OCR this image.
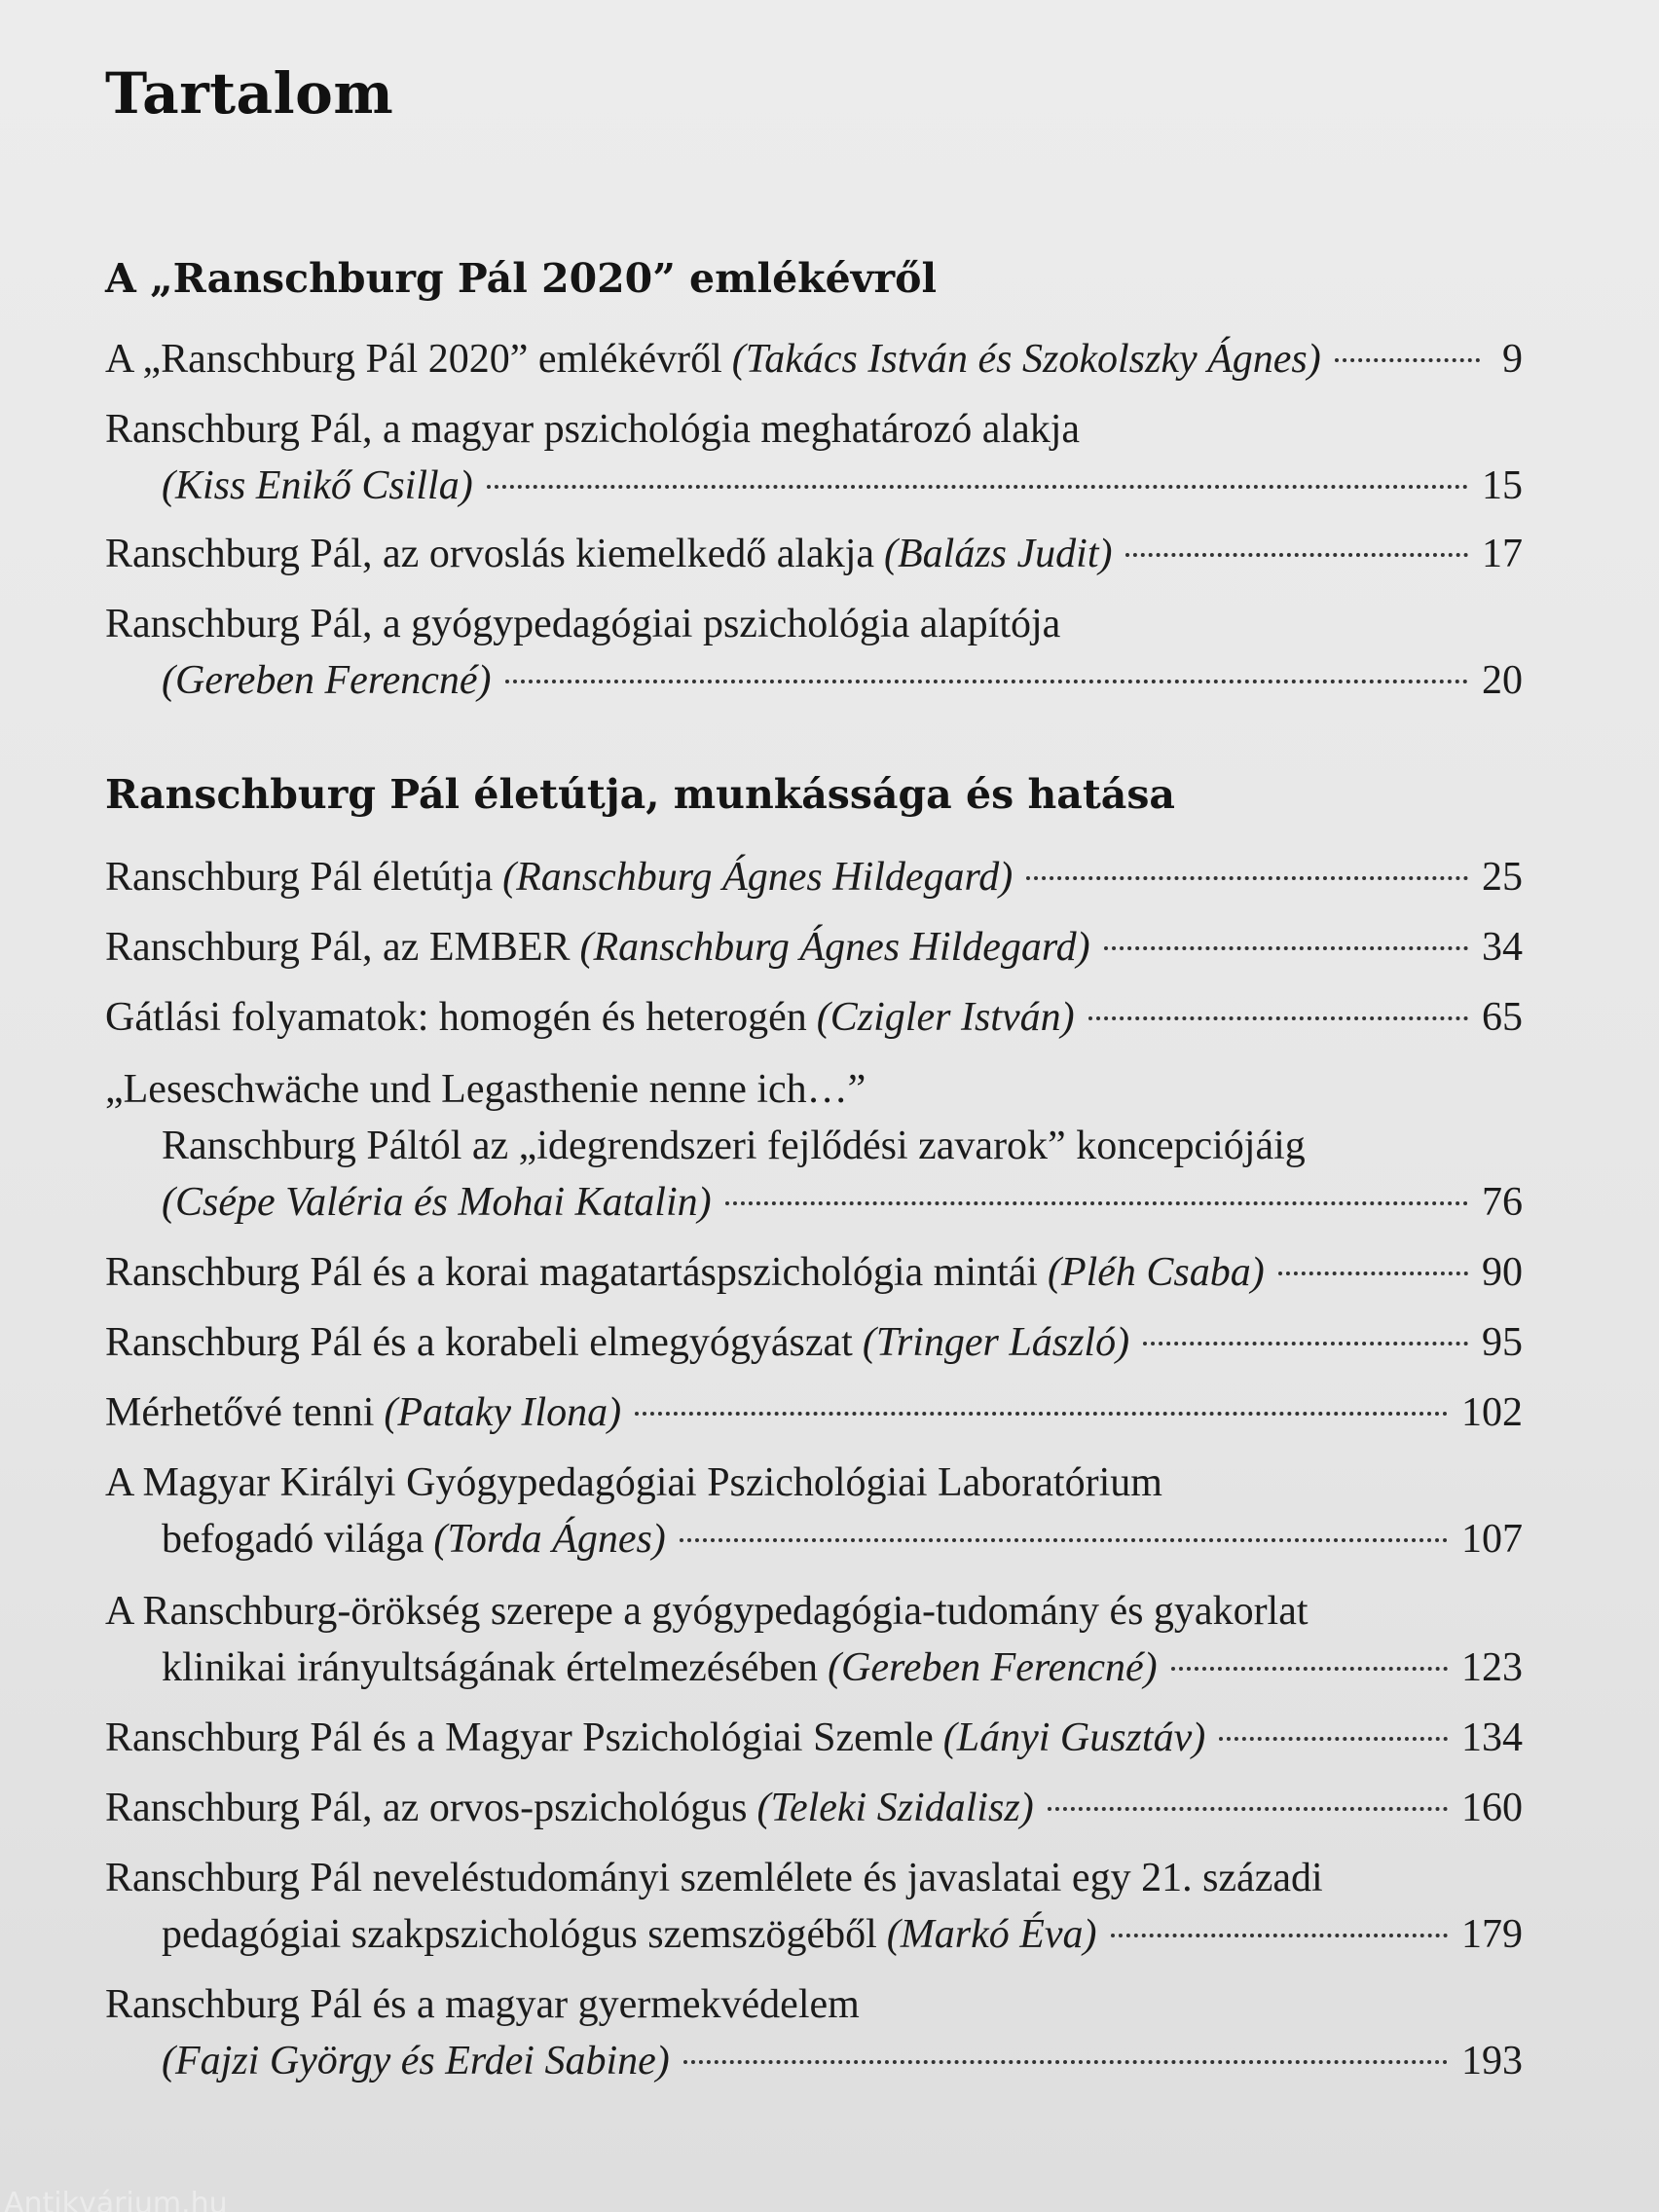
Tartalom
A „Ranschburg Pál 2020” emlékévről
A „Ranschburg Pál 2020” emlékévről (Takács István és Szokolszky Ágnes)	9
Ranschburg Pál, a magyar pszichológia meghatározó alakja
(Kiss Enikő Csilla)	15
Ranschburg Pál, az orvoslás kiemelkedő alakja (Balázs Judit)	17
Ranschburg Pál, a gyógypedagógiai pszichológia alapítója
(Gereben Ferencné)	20
Ranschburg Pál életútja, munkássága és hatása
Ranschburg Pál életútja (Ranschburg Ágnes Hildegard)	25
Ranschburg Pál, az EMBER (Ranschburg Ágnes Hildegard)	34
Gátlási folyamatok: homogén és heterogén (Czigler István)	65
„Leseschwäche und Legasthenie nenne ich…”
Ranschburg Páltól az „idegrendszeri fejlődési zavarok” koncepciójáig
(Csépe Valéria és Mohai Katalin)	76
Ranschburg Pál és a korai magatartáspszichológia mintái (Pléh Csaba)	90
Ranschburg Pál és a korabeli elmegyógyászat (Tringer László)	95
Mérhetővé tenni (Pataky Ilona)	102
A Magyar Királyi Gyógypedagógiai Pszichológiai Laboratórium
befogadó világa (Torda Ágnes)	107
A Ranschburg-örökség szerepe a gyógypedagógia-tudomány és gyakorlat
klinikai irányultságának értelmezésében (Gereben Ferencné)	123
Ranschburg Pál és a Magyar Pszichológiai Szemle (Lányi Gusztáv)	134
Ranschburg Pál, az orvos-pszichológus (Teleki Szidalisz)	160
Ranschburg Pál neveléstudományi szemlélete és javaslatai egy 21. századi
pedagógiai szakpszichológus szemszögéből (Markó Éva)	179
Ranschburg Pál és a magyar gyermekvédelem
(Fajzi György és Erdei Sabine)	193
Antikvárium.hu
